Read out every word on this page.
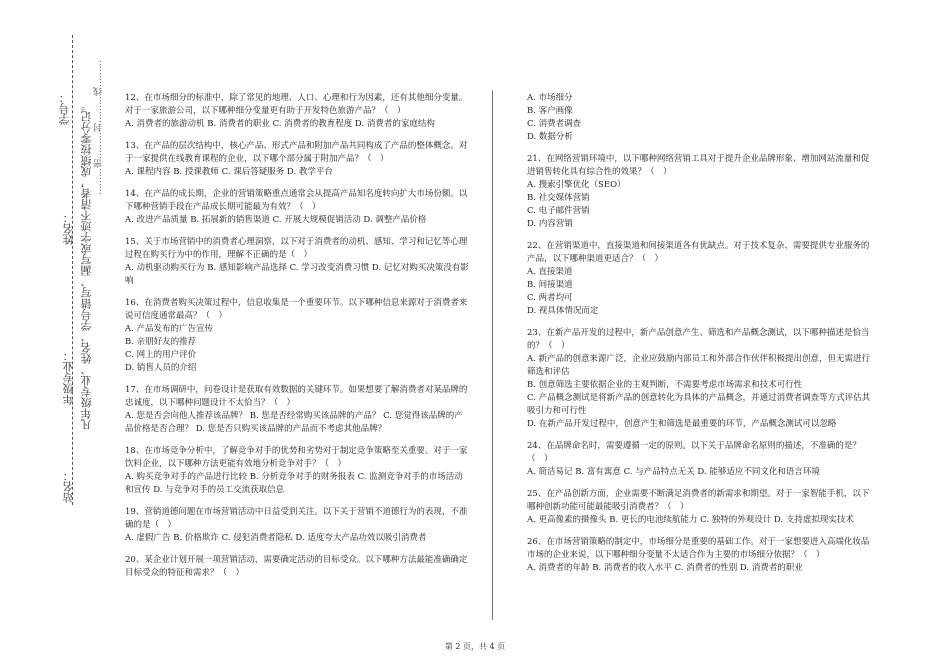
学号：
姓名：
年级专业：
站名：
凡年级专业、姓名、学号错写、漏写或字迹不清者，成绩按零分记。 ………密………封………线……… 12、在市场细分的标准中，除了常见的地理、人口、心理和行为因素，还有其他细分变量。对于一家旅游公司，以下哪种细分变量更有助于开发特色旅游产品？（　）

A. 消费者的旅游动机 B. 消费者的职业 C. 消费者的教育程度 D. 消费者的家庭结构

13、在产品的层次结构中，核心产品、形式产品和附加产品共同构成了产品的整体概念。对于一家提供在线教育课程的企业，以下哪个部分属于附加产品？（　）

A. 课程内容 B. 授课教师 C. 课后答疑服务 D. 教学平台

14、在产品的成长期，企业的营销策略重点通常会从提高产品知名度转向扩大市场份额。以下哪种营销手段在产品成长期可能最为有效？（　）

A. 改进产品质量 B. 拓展新的销售渠道 C. 开展大规模促销活动 D. 调整产品价格

15、关于市场营销中的消费者心理洞察，以下对于消费者的动机、感知、学习和记忆等心理过程在购买行为中的作用，理解不正确的是（　）

A. 动机驱动购买行为 B. 感知影响产品选择 C. 学习改变消费习惯 D. 记忆对购买决策没有影响

16、在消费者购买决策过程中，信息收集是一个重要环节。以下哪种信息来源对于消费者来说可信度通常最高？（　）

A. 产品发布的广告宣传

B. 亲朋好友的推荐

C. 网上的用户评价

D. 销售人员的介绍

17、在市场调研中，问卷设计是获取有效数据的关键环节。如果想要了解消费者对某品牌的忠诚度，以下哪种问题设计不太恰当？（　）

A. 您是否会向他人推荐该品牌？ B. 您是否经常购买该品牌的产品？ C. 您觉得该品牌的产品价格是否合理？ D. 您是否只购买该品牌的产品而不考虑其他品牌？

18、在市场竞争分析中，了解竞争对手的优势和劣势对于制定竞争策略至关重要。对于一家饮料企业，以下哪种方法更能有效地分析竞争对手？（　）

A. 购买竞争对手的产品进行比较 B. 分析竞争对手的财务报表 C. 监测竞争对手的市场活动和宣传 D. 与竞争对手的员工交流获取信息

19、营销道德问题在市场营销活动中日益受到关注。以下关于营销不道德行为的表现，不准确的是（　）

A. 虚假广告 B. 价格欺诈 C. 侵犯消费者隐私 D. 适度夸大产品功效以吸引消费者

20、某企业计划开展一项营销活动，需要确定活动的目标受众。以下哪种方法最能准确确定目标受众的特征和需求？（　）

A. 市场细分

B. 客户画像

C. 消费者调查

D. 数据分析

21、在网络营销环境中，以下哪种网络营销工具对于提升企业品牌形象、增加网站流量和促进销售转化具有综合性的效果？（　）

A. 搜索引擎优化（SEO）

B. 社交媒体营销

C. 电子邮件营销

D. 内容营销

22、在营销渠道中，直接渠道和间接渠道各有优缺点。对于技术复杂、需要提供专业服务的产品，以下哪种渠道更适合？（　）

A. 直接渠道

B. 间接渠道

C. 两者均可

D. 视具体情况而定

23、在新产品开发的过程中，新产品创意产生、筛选和产品概念测试，以下哪种描述是恰当的？（　）

A. 新产品的创意来源广泛，企业应鼓励内部员工和外部合作伙伴积极提出创意，但无需进行筛选和评估

B. 创意筛选主要依据企业的主观判断，不需要考虑市场需求和技术可行性

C. 产品概念测试是将新产品的创意转化为具体的产品概念，并通过消费者调查等方式评估其吸引力和可行性

D. 在新产品开发过程中，创意产生和筛选是最重要的环节，产品概念测试可以忽略

24、在品牌命名时，需要遵循一定的原则。以下关于品牌命名原则的描述，不准确的是？（　）

A. 简洁易记 B. 富有寓意 C. 与产品特点无关 D. 能够适应不同文化和语言环境

25、在产品创新方面，企业需要不断满足消费者的新需求和期望。对于一家智能手机，以下哪种创新功能可能最能吸引消费者？（　）

A. 更高像素的摄像头 B. 更长的电池续航能力 C. 独特的外观设计 D. 支持虚拟现实技术

26、在市场营销策略的制定中，市场细分是重要的基础工作。对于一家想要进入高端化妆品市场的企业来说，以下哪种细分变量不太适合作为主要的市场细分依据？（　）

A. 消费者的年龄 B. 消费者的收入水平 C. 消费者的性别 D. 消费者的职业

第 2 页，共 4 页
